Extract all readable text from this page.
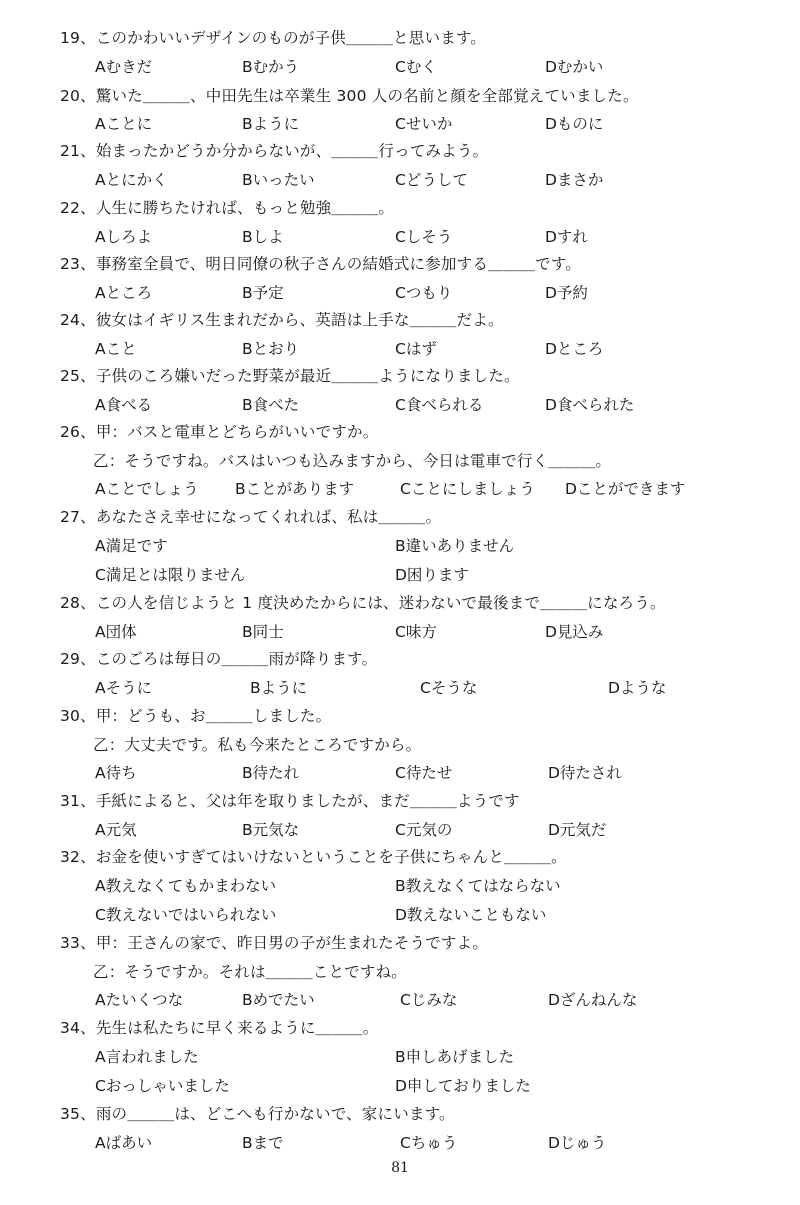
19、このかわいいデザインのものが子供＿＿＿と思います。
Aむきだ	Bむかう	Cむく	Dむかい
20、驚いた＿＿＿、中田先生は卒業生 300 人の名前と顔を全部覚えていました。
Aことに	Bように	Cせいか	Dものに
21、始まったかどうか分からないが、＿＿＿行ってみよう。
Aとにかく	Bいったい	Cどうして	Dまさか
22、人生に勝ちたければ、もっと勉強＿＿＿。
Aしろよ	Bしよ	Cしそう	Dすれ
23、事務室全員で、明日同僚の秋子さんの結婚式に参加する＿＿＿です。
Aところ	B予定	Cつもり	D予約
24、彼女はイギリス生まれだから、英語は上手な＿＿＿だよ。
Aこと	Bとおり	Cはず	Dところ
25、子供のころ嫌いだった野菜が最近＿＿＿ようになりました。
A食べる	B食べた	C食べられる	D食べられた
26、甲：バスと電車とどちらがいいですか。
乙：そうですね。バスはいつも込みますから、今日は電車で行く＿＿＿。
Aことでしょう Bことがあります	Cことにしましょう Dことができます
27、あなたさえ幸せになってくれれば、私は＿＿＿。
A満足です	B違いありません
C満足とは限りません	D困ります
28、この人を信じようと 1 度決めたからには、迷わないで最後まで＿＿＿になろう。
A団体	B同士	C味方	D見込み
29、このごろは毎日の＿＿＿雨が降ります。
Aそうに	Bように	Cそうな	Dような
30、甲：どうも、お＿＿＿しました。
乙：大丈夫です。私も今来たところですから。
A待ち	B待たれ	C待たせ	D待たされ
31、手紙によると、父は年を取りましたが、まだ＿＿＿ようです
A元気	B元気な	C元気の	D元気だ
32、お金を使いすぎてはいけないということを子供にちゃんと＿＿＿。
A教えなくてもかまわない	B教えなくてはならない
C教えないではいられない	D教えないこともない
33、甲：王さんの家で、昨日男の子が生まれたそうですよ。
乙：そうですか。それは＿＿＿ことですね。
Aたいくつな	Bめでたい	Cじみな	Dざんねんな
34、先生は私たちに早く来るように＿＿＿。
A言われました	B申しあげました
Cおっしゃいました	D申しておりました
35、雨の＿＿＿は、どこへも行かないで、家にいます。
Aばあい	Bまで	Cちゅう	Dじゅう
81
